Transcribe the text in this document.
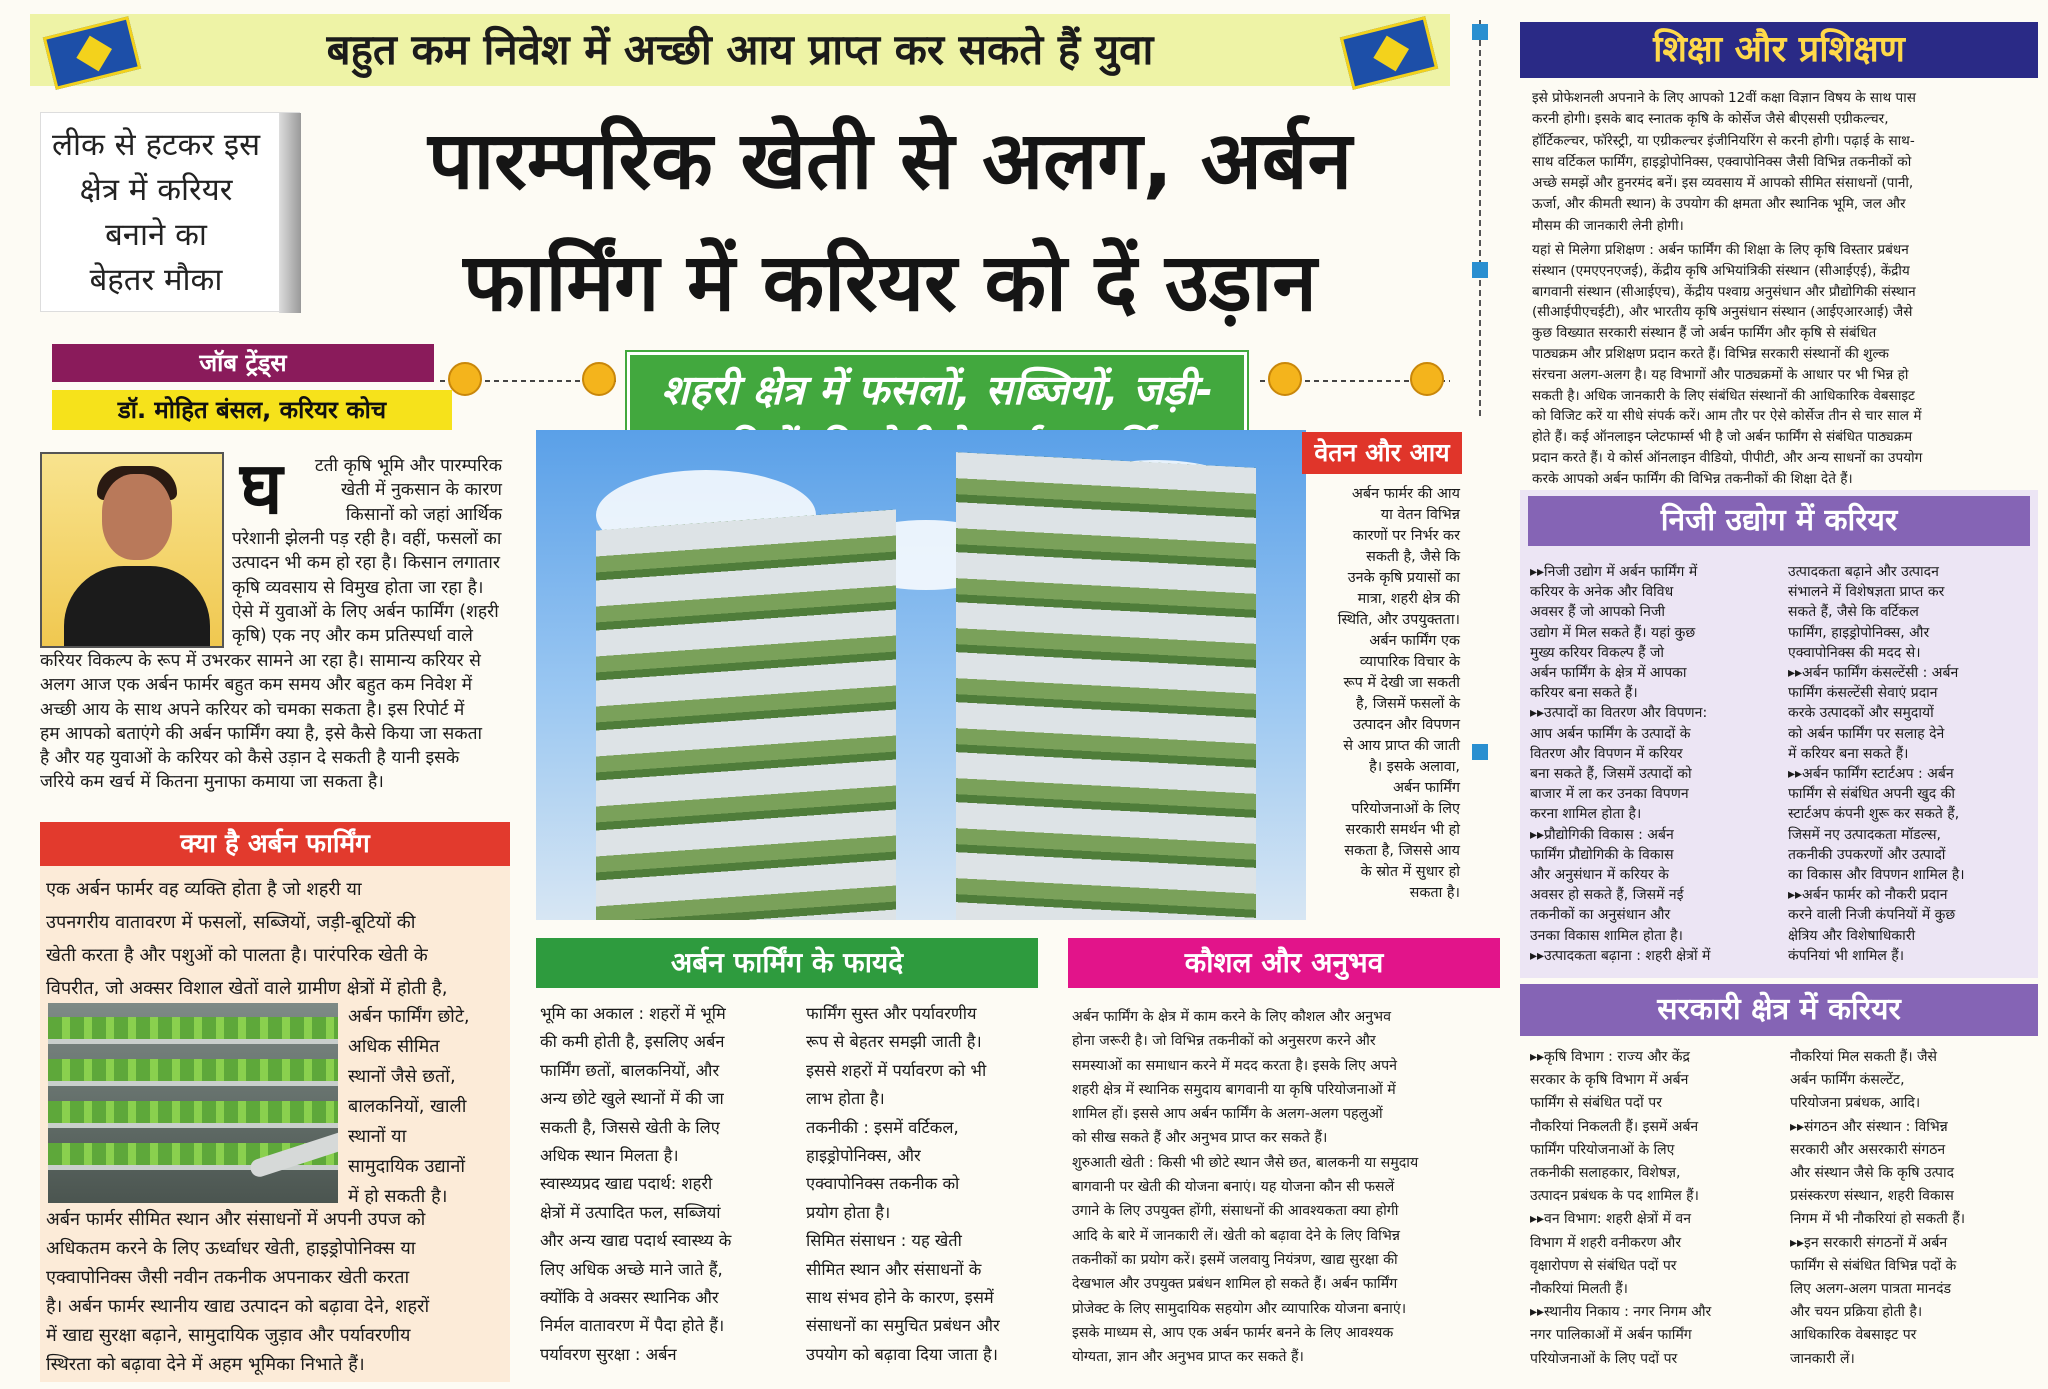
बहुत कम निवेश में अच्छी आय प्राप्त कर सकते हैं युवा
लीक से हटकर इस
क्षेत्र में करियर
बनाने का
बेहतर मौका
पारम्परिक खेती से अलग, अर्बन
फार्मिंग में करियर को दें उड़ान
जॉब ट्रेंड्स
डॉ. मोहित बंसल, करियर कोच	शहरी क्षेत्र में फसलों, सब्जियों, जड़ी-
घ	टती कृषि भूमि और पारम्परिक
खेती में नुकसान के कारण
किसानों को जहां आर्थिक
परेशानी झेलनी पड़ रही है। वहीं, फसलों का
उत्पादन भी कम हो रहा है। किसान लगातार
कृषि व्यवसाय से विमुख होता जा रहा है।
ऐसे में युवाओं के लिए अर्बन फार्मिंग (शहरी
कृषि) एक नए और कम प्रतिस्पर्धा वाले
करियर विकल्प के रूप में उभरकर सामने आ रहा है। सामान्य करियर से
अलग आज एक अर्बन फार्मर बहुत कम समय और बहुत कम निवेश में
अच्छी आय के साथ अपने करियर को चमका सकता है। इस रिपोर्ट में
हम आपको बताएंगे की अर्बन फार्मिंग क्या है, इसे कैसे किया जा सकता
है और यह युवाओं के करियर को कैसे उड़ान दे सकती है यानी इसके
जरिये कम खर्च में कितना मुनाफा कमाया जा सकता है।
क्या है अर्बन फार्मिंग
एक अर्बन फार्मर वह व्यक्ति होता है जो शहरी या
उपनगरीय वातावरण में फसलों, सब्जियों, जड़ी-बूटियों की
खेती करता है और पशुओं को पालता है। पारंपरिक खेती के
विपरीत, जो अक्सर विशाल खेतों वाले ग्रामीण क्षेत्रों में होती है,
अर्बन फार्मिंग छोटे,
अधिक सीमित
स्थानों जैसे छतों,
बालकनियों, खाली
स्थानों या
सामुदायिक उद्यानों
में हो सकती है।
अर्बन फार्मर सीमित स्थान और संसाधनों में अपनी उपज को
अधिकतम करने के लिए ऊर्ध्वाधर खेती, हाइड्रोपोनिक्स या
एक्वापोनिक्स जैसी नवीन तकनीक अपनाकर खेती करता
है। अर्बन फार्मर स्थानीय खाद्य उत्पादन को बढ़ावा देने, शहरों
में खाद्य सुरक्षा बढ़ाने, सामुदायिक जुड़ाव और पर्यावरणीय
स्थिरता को बढ़ावा देने में अहम भूमिका निभाते हैं।
वेतन और आय
अर्बन फार्मर की आय
या वेतन विभिन्न
कारणों पर निर्भर कर
सकती है, जैसे कि
उनके कृषि प्रयासों का
मात्रा, शहरी क्षेत्र की
स्थिति, और उपयुक्तता।
अर्बन फार्मिंग एक
व्यापारिक विचार के
रूप में देखी जा सकती
है, जिसमें फसलों के
उत्पादन और विपणन
से आय प्राप्त की जाती
है। इसके अलावा,
अर्बन फार्मिंग
परियोजनाओं के लिए
सरकारी समर्थन भी हो
सकता है, जिससे आय
के स्रोत में सुधार हो
सकता है।
अर्बन फार्मिंग के फायदे
भूमि का अकाल : शहरों में भूमि
की कमी होती है, इसलिए अर्बन
फार्मिंग छतों, बालकनियों, और
अन्य छोटे खुले स्थानों में की जा
सकती है, जिससे खेती के लिए
अधिक स्थान मिलता है।
स्वास्थ्यप्रद खाद्य पदार्थ: शहरी
क्षेत्रों में उत्पादित फल, सब्जियां
और अन्य खाद्य पदार्थ स्वास्थ्य के
लिए अधिक अच्छे माने जाते हैं,
क्योंकि वे अक्सर स्थानिक और
निर्मल वातावरण में पैदा होते हैं।
पर्यावरण सुरक्षा : अर्बन
फार्मिंग सुस्त और पर्यावरणीय
रूप से बेहतर समझी जाती है।
इससे शहरों में पर्यावरण को भी
लाभ होता है।
तकनीकी : इसमें वर्टिकल,
हाइड्रोपोनिक्स, और
एक्वापोनिक्स तकनीक को
प्रयोग होता है।
सिमित संसाधन : यह खेती
सीमित स्थान और संसाधनों के
साथ संभव होने के कारण, इसमें
संसाधनों का समुचित प्रबंधन और
उपयोग को बढ़ावा दिया जाता है।
कौशल और अनुभव
अर्बन फार्मिंग के क्षेत्र में काम करने के लिए कौशल और अनुभव
होना जरूरी है। जो विभिन्न तकनीकों को अनुसरण करने और
समस्याओं का समाधान करने में मदद करता है। इसके लिए अपने
शहरी क्षेत्र में स्थानिक समुदाय बागवानी या कृषि परियोजनाओं में
शामिल हों। इससे आप अर्बन फार्मिंग के अलग-अलग पहलुओं
को सीख सकते हैं और अनुभव प्राप्त कर सकते हैं।
शुरुआती खेती : किसी भी छोटे स्थान जैसे छत, बालकनी या समुदाय
बागवानी पर खेती की योजना बनाएं। यह योजना कौन सी फसलें
उगाने के लिए उपयुक्त होंगी, संसाधनों की आवश्यकता क्या होगी
आदि के बारे में जानकारी लें। खेती को बढ़ावा देने के लिए विभिन्न
तकनीकों का प्रयोग करें। इसमें जलवायु नियंत्रण, खाद्य सुरक्षा की
देखभाल और उपयुक्त प्रबंधन शामिल हो सकते हैं। अर्बन फार्मिंग
प्रोजेक्ट के लिए सामुदायिक सहयोग और व्यापारिक योजना बनाएं।
इसके माध्यम से, आप एक अर्बन फार्मर बनने के लिए आवश्यक
योग्यता, ज्ञान और अनुभव प्राप्त कर सकते हैं।
शिक्षा और प्रशिक्षण
इसे प्रोफेशनली अपनाने के लिए आपको 12वीं कक्षा विज्ञान विषय के साथ पास
करनी होगी। इसके बाद स्नातक कृषि के कोर्सेज जैसे बीएससी एग्रीकल्चर,
हॉर्टिकल्चर, फॉरेस्ट्री, या एग्रीकल्चर इंजीनियरिंग से करनी होगी। पढ़ाई के साथ-
साथ वर्टिकल फार्मिंग, हाइड्रोपोनिक्स, एक्वापोनिक्स जैसी विभिन्न तकनीकों को
अच्छे समझें और हुनरमंद बनें। इस व्यवसाय में आपको सीमित संसाधनों (पानी,
ऊर्जा, और कीमती स्थान) के उपयोग की क्षमता और स्थानिक भूमि, जल और
मौसम की जानकारी लेनी होगी।
यहां से मिलेगा प्रशिक्षण : अर्बन फार्मिंग की शिक्षा के लिए कृषि विस्तार प्रबंधन
संस्थान (एमएएनएजई), केंद्रीय कृषि अभियांत्रिकी संस्थान (सीआईएई), केंद्रीय
बागवानी संस्थान (सीआईएच), केंद्रीय पश्वाग्र अनुसंधान और प्रौद्योगिकी संस्थान
(सीआईपीएचईटी), और भारतीय कृषि अनुसंधान संस्थान (आईएआरआई) जैसे
कुछ विख्यात सरकारी संस्थान हैं जो अर्बन फार्मिंग और कृषि से संबंधित
पाठ्यक्रम और प्रशिक्षण प्रदान करते हैं। विभिन्न सरकारी संस्थानों की शुल्क
संरचना अलग-अलग है। यह विभागों और पाठ्यक्रमों के आधार पर भी भिन्न हो
सकती है। अधिक जानकारी के लिए संबंधित संस्थानों की आधिकारिक वेबसाइट
को विजिट करें या सीधे संपर्क करें। आम तौर पर ऐसे कोर्सेज तीन से चार साल में
होते हैं। कई ऑनलाइन प्लेटफार्म्स भी है जो अर्बन फार्मिंग से संबंधित पाठ्यक्रम
प्रदान करते हैं। ये कोर्स ऑनलाइन वीडियो, पीपीटी, और अन्य साधनों का उपयोग
करके आपको अर्बन फार्मिंग की विभिन्न तकनीकों की शिक्षा देते हैं।
निजी उद्योग में करियर
▸▸निजी उद्योग में अर्बन फार्मिंग में
करियर के अनेक और विविध
अवसर हैं जो आपको निजी
उद्योग में मिल सकते हैं। यहां कुछ
मुख्य करियर विकल्प हैं जो
अर्बन फार्मिंग के क्षेत्र में आपका
करियर बना सकते हैं।
▸▸उत्पादों का वितरण और विपणन:
आप अर्बन फार्मिंग के उत्पादों के
वितरण और विपणन में करियर
बना सकते हैं, जिसमें उत्पादों को
बाजार में ला कर उनका विपणन
करना शामिल होता है।
▸▸प्रौद्योगिकी विकास : अर्बन
फार्मिंग प्रौद्योगिकी के विकास
और अनुसंधान में करियर के
अवसर हो सकते हैं, जिसमें नई
तकनीकों का अनुसंधान और
उनका विकास शामिल होता है।
▸▸उत्पादकता बढ़ाना : शहरी क्षेत्रों में
उत्पादकता बढ़ाने और उत्पादन
संभालने में विशेषज्ञता प्राप्त कर
सकते हैं, जैसे कि वर्टिकल
फार्मिंग, हाइड्रोपोनिक्स, और
एक्वापोनिक्स की मदद से।
▸▸अर्बन फार्मिंग कंसल्टेंसी : अर्बन
फार्मिंग कंसल्टेंसी सेवाएं प्रदान
करके उत्पादकों और समुदायों
को अर्बन फार्मिंग पर सलाह देने
में करियर बना सकते हैं।
▸▸अर्बन फार्मिंग स्टार्टअप : अर्बन
फार्मिंग से संबंधित अपनी खुद की
स्टार्टअप कंपनी शुरू कर सकते हैं,
जिसमें नए उत्पादकता मॉडल्स,
तकनीकी उपकरणों और उत्पादों
का विकास और विपणन शामिल है।
▸▸अर्बन फार्मर को नौकरी प्रदान
करने वाली निजी कंपनियों में कुछ
क्षेत्रिय और विशेषाधिकारी
कंपनियां भी शामिल हैं।
सरकारी क्षेत्र में करियर
▸▸कृषि विभाग : राज्य और केंद्र
सरकार के कृषि विभाग में अर्बन
फार्मिंग से संबंधित पदों पर
नौकरियां निकलती हैं। इसमें अर्बन
फार्मिंग परियोजनाओं के लिए
तकनीकी सलाहकार, विशेषज्ञ,
उत्पादन प्रबंधक के पद शामिल हैं।
▸▸वन विभाग: शहरी क्षेत्रों में वन
विभाग में शहरी वनीकरण और
वृक्षारोपण से संबंधित पदों पर
नौकरियां मिलती हैं।
▸▸स्थानीय निकाय : नगर निगम और
नगर पालिकाओं में अर्बन फार्मिंग
परियोजनाओं के लिए पदों पर
नौकरियां मिल सकती हैं। जैसे
अर्बन फार्मिंग कंसल्टेंट,
परियोजना प्रबंधक, आदि।
▸▸संगठन और संस्थान : विभिन्न
सरकारी और असरकारी संगठन
और संस्थान जैसे कि कृषि उत्पाद
प्रसंस्करण संस्थान, शहरी विकास
निगम में भी नौकरियां हो सकती हैं।
▸▸इन सरकारी संगठनों में अर्बन
फार्मिंग से संबंधित विभिन्न पदों के
लिए अलग-अलग पात्रता मानदंड
और चयन प्रक्रिया होती है।
आधिकारिक वेबसाइट पर
जानकारी लें।
